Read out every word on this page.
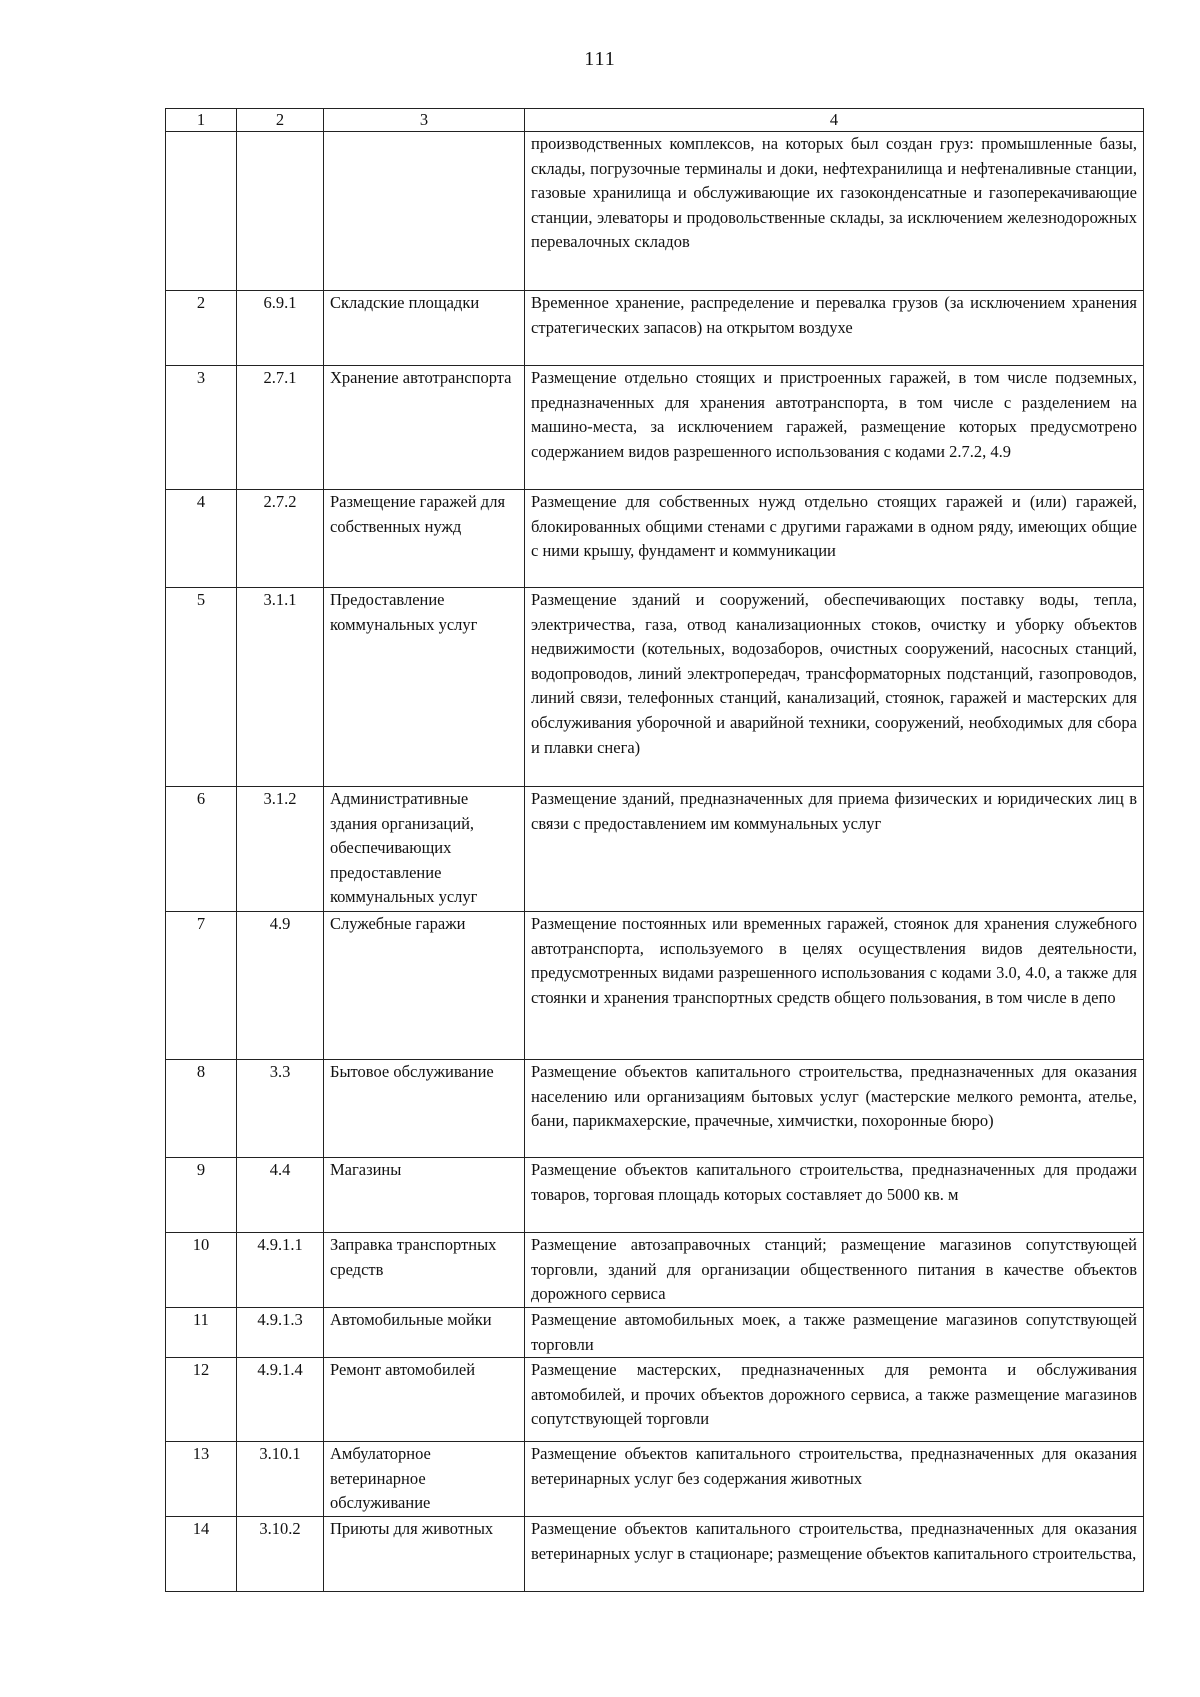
111
1	2	3	4
			производственных комплексов, на которых был создан груз: промышленные базы, склады, погрузочные терминалы и доки, нефтехранилища и нефтеналивные станции, газовые хранилища и обслуживающие их газоконденсатные и газоперекачивающие станции, элеваторы и продовольственные склады, за исключением железнодорожных перевалочных складов
2	6.9.1	Складские площадки	Временное хранение, распределение и перевалка грузов (за исключением хранения стратегических запасов) на открытом воздухе
3	2.7.1	Хранение автотранспорта	Размещение отдельно стоящих и пристроенных гаражей, в том числе подземных, предназначенных для хранения автотранспорта, в том числе с разделением на машино-места, за исключением гаражей, размещение которых предусмотрено содержанием видов разрешенного использования с кодами 2.7.2, 4.9
4	2.7.2	Размещение гаражей для собственных нужд	Размещение для собственных нужд отдельно стоящих гаражей и (или) гаражей, блокированных общими стенами с другими гаражами в одном ряду, имеющих общие с ними крышу, фундамент и коммуникации
5	3.1.1	Предоставление коммунальных услуг	Размещение зданий и сооружений, обеспечивающих поставку воды, тепла, электричества, газа, отвод канализационных стоков, очистку и уборку объектов недвижимости (котельных, водозаборов, очистных сооружений, насосных станций, водопроводов, линий электропередач, трансформаторных подстанций, газопроводов, линий связи, телефонных станций, канализаций, стоянок, гаражей и мастерских для обслуживания уборочной и аварийной техники, сооружений, необходимых для сбора и плавки снега)
6	3.1.2	Административные здания организаций, обеспечивающих предоставление коммунальных услуг	Размещение зданий, предназначенных для приема физических и юридических лиц в связи с предоставлением им коммунальных услуг
7	4.9	Служебные гаражи	Размещение постоянных или временных гаражей, стоянок для хранения служебного автотранспорта, используемого в целях осуществления видов деятельности, предусмотренных видами разрешенного использования с кодами 3.0, 4.0, а также для стоянки и хранения транспортных средств общего пользования, в том числе в депо
8	3.3	Бытовое обслуживание	Размещение объектов капитального строительства, предназначенных для оказания населению или организациям бытовых услуг (мастерские мелкого ремонта, ателье, бани, парикмахерские, прачечные, химчистки, похоронные бюро)
9	4.4	Магазины	Размещение объектов капитального строительства, предназначенных для продажи товаров, торговая площадь которых составляет до 5000 кв. м
10	4.9.1.1	Заправка транспортных средств	Размещение автозаправочных станций; размещение магазинов сопутствующей торговли, зданий для организации общественного питания в качестве объектов дорожного сервиса
11	4.9.1.3	Автомобильные мойки	Размещение автомобильных моек, а также размещение магазинов сопутствующей торговли
12	4.9.1.4	Ремонт автомобилей	Размещение мастерских, предназначенных для ремонта и обслуживания автомобилей, и прочих объектов дорожного сервиса, а также размещение магазинов сопутствующей торговли
13	3.10.1	Амбулаторное ветеринарное обслуживание	Размещение объектов капитального строительства, предназначенных для оказания ветеринарных услуг без содержания животных
14	3.10.2	Приюты для животных	Размещение объектов капитального строительства, предназначенных для оказания ветеринарных услуг в стационаре; размещение объектов капитального строительства,
